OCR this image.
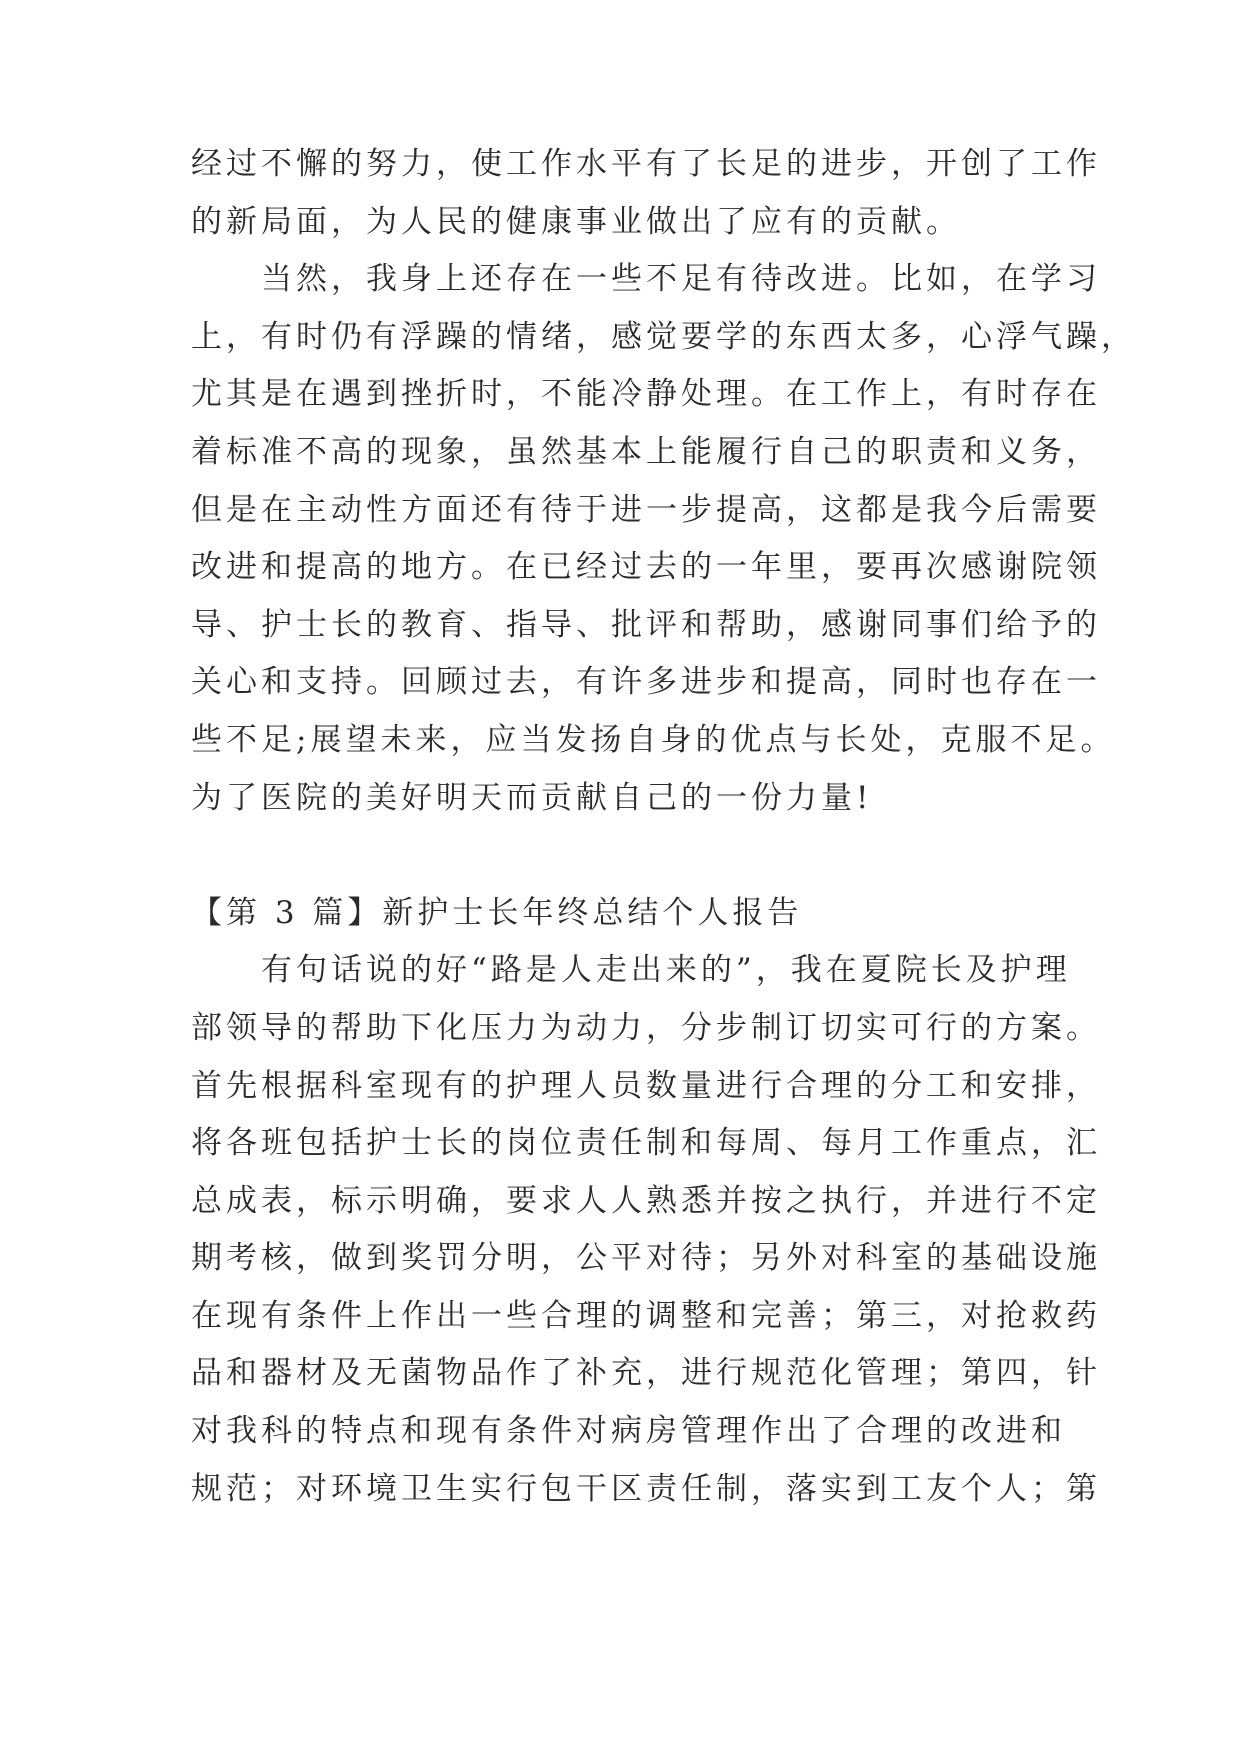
经过不懈的努力，使工作水平有了长足的进步，开创了工作
的新局面，为人民的健康事业做出了应有的贡献。
　　当然，我身上还存在一些不足有待改进。比如，在学习
上，有时仍有浮躁的情绪，感觉要学的东西太多，心浮气躁，
尤其是在遇到挫折时，不能冷静处理。在工作上，有时存在
着标准不高的现象，虽然基本上能履行自己的职责和义务，
但是在主动性方面还有待于进一步提高，这都是我今后需要
改进和提高的地方。在已经过去的一年里，要再次感谢院领
导、护士长的教育、指导、批评和帮助，感谢同事们给予的
关心和支持。回顾过去，有许多进步和提高，同时也存在一
些不足;展望未来，应当发扬自身的优点与长处，克服不足。
为了医院的美好明天而贡献自己的一份力量!
【第 3 篇】新护士长年终总结个人报告
　　有句话说的好“路是人走出来的”，我在夏院长及护理
部领导的帮助下化压力为动力，分步制订切实可行的方案。
首先根据科室现有的护理人员数量进行合理的分工和安排，
将各班包括护士长的岗位责任制和每周、每月工作重点，汇
总成表，标示明确，要求人人熟悉并按之执行，并进行不定
期考核，做到奖罚分明，公平对待；另外对科室的基础设施
在现有条件上作出一些合理的调整和完善；第三，对抢救药
品和器材及无菌物品作了补充，进行规范化管理；第四，针
对我科的特点和现有条件对病房管理作出了合理的改进和
规范；对环境卫生实行包干区责任制，落实到工友个人；第
